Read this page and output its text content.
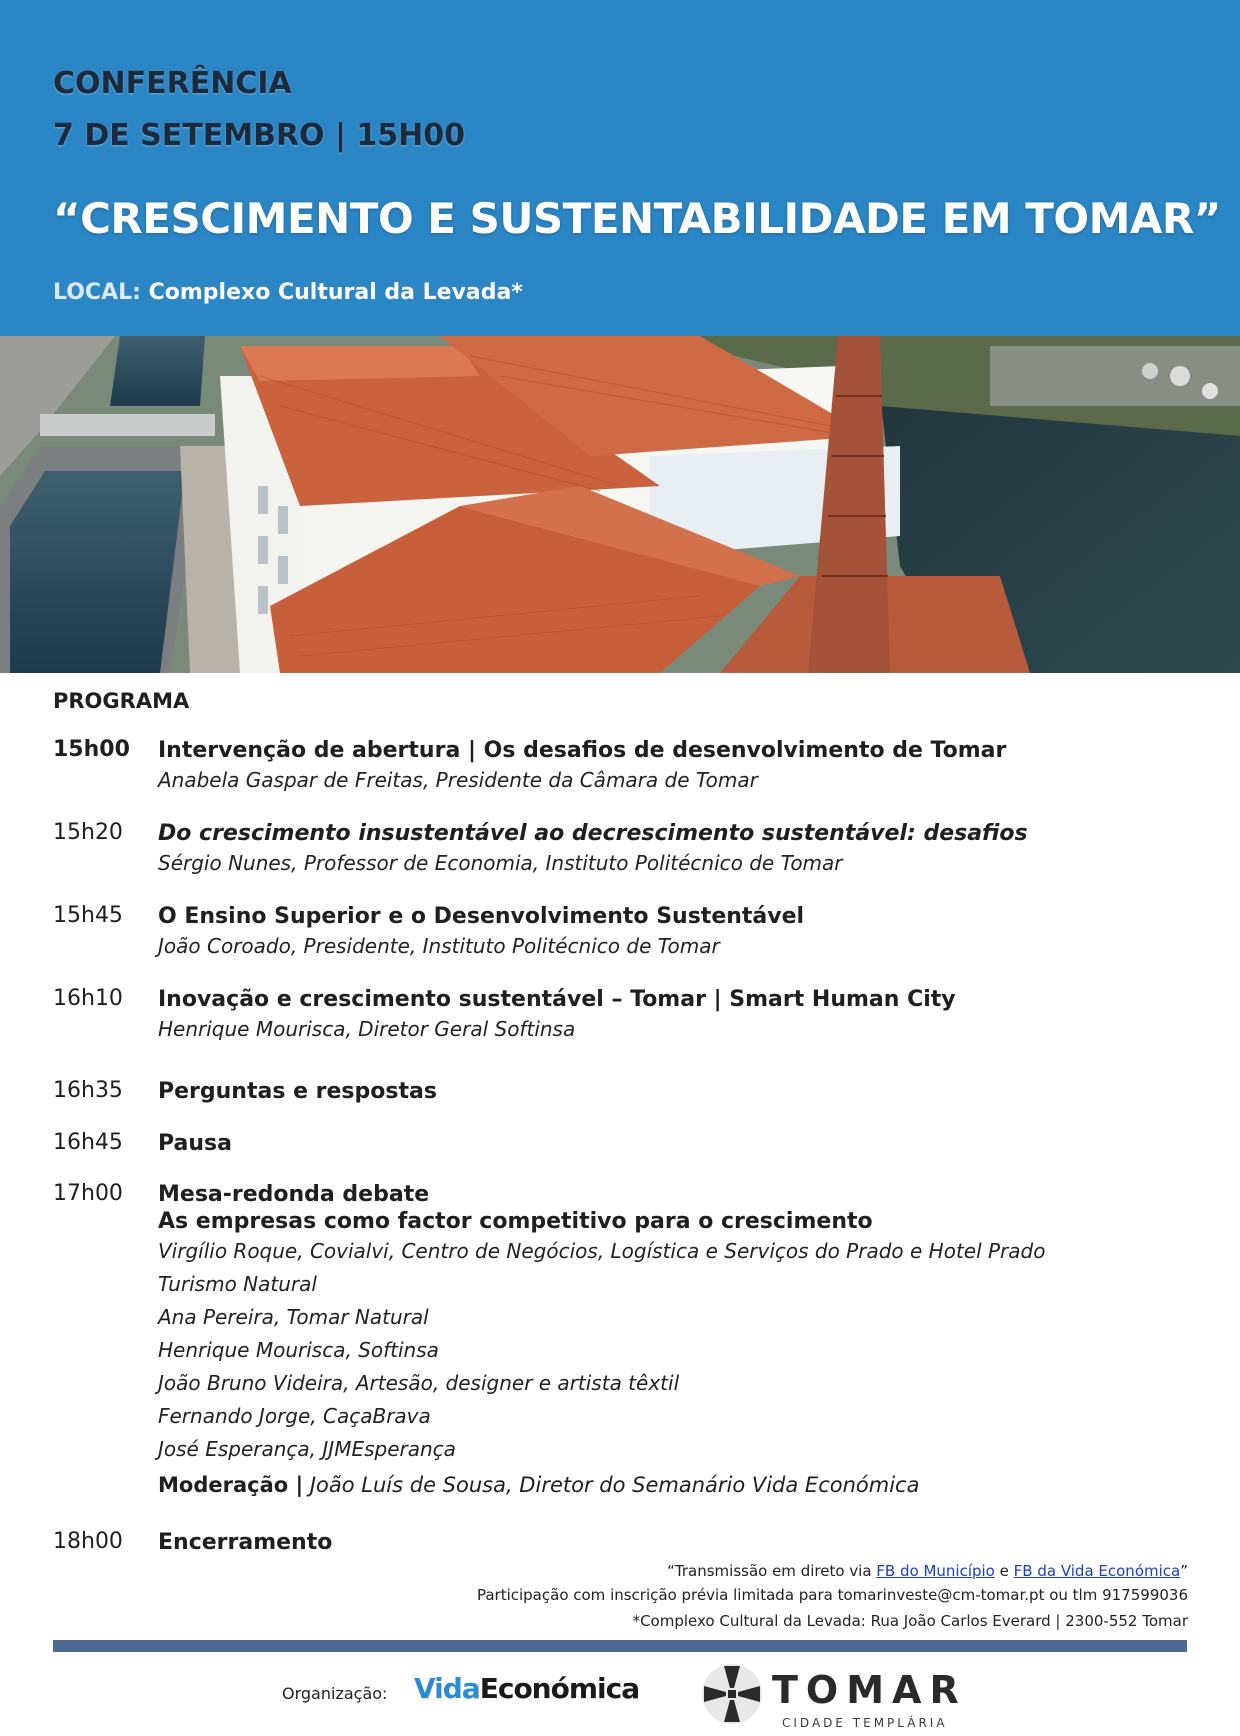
CONFERÊNCIA
7 DE SETEMBRO | 15H00
“CRESCIMENTO E SUSTENTABILIDADE EM TOMAR”
LOCAL: Complexo Cultural da Levada*
PROGRAMA
15h00 Intervenção de abertura | Os desafios de desenvolvimento de Tomar
Anabela Gaspar de Freitas, Presidente da Câmara de Tomar
15h20 Do crescimento insustentável ao decrescimento sustentável: desafios
Sérgio Nunes, Professor de Economia, Instituto Politécnico de Tomar
15h45 O Ensino Superior e o Desenvolvimento Sustentável
João Coroado, Presidente, Instituto Politécnico de Tomar
16h10 Inovação e crescimento sustentável – Tomar | Smart Human City
Henrique Mourisca, Diretor Geral Softinsa
16h35 Perguntas e respostas
16h45 Pausa
17h00 Mesa-redonda debate
As empresas como factor competitivo para o crescimento
Virgílio Roque, Covialvi, Centro de Negócios, Logística e Serviços do Prado e Hotel Prado
Turismo Natural
Ana Pereira, Tomar Natural
Henrique Mourisca, Softinsa
João Bruno Videira, Artesão, designer e artista têxtil
Fernando Jorge, CaçaBrava
José Esperança, JJMEsperança
Moderação | João Luís de Sousa, Diretor do Semanário Vida Económica
18h00 Encerramento
“Transmissão em direto via FB do Município e FB da Vida Económica”
Participação com inscrição prévia limitada para tomarinveste@cm-tomar.pt ou tlm 917599036
*Complexo Cultural da Levada: Rua João Carlos Everard | 2300-552 Tomar
Organização: VidaEconómica	TOMAR
CIDADE TEMPLÁRIA
